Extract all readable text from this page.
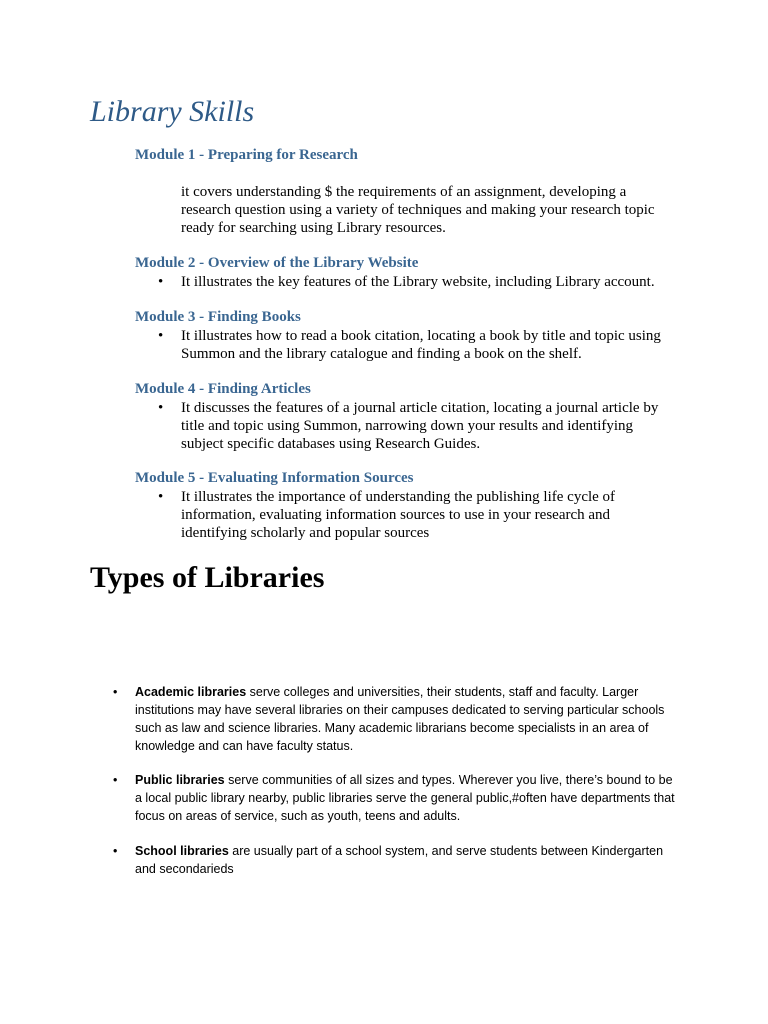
Library Skills
Module 1 - Preparing for Research

it covers understanding $ the requirements of an assignment, developing a research question using a variety of techniques and making your research topic ready for searching using Library resources.

Module 2 - Overview of the Library Website
• It illustrates the key features of the Library website, including Library account.

Module 3 - Finding Books
• It illustrates how to read a book citation, locating a book by title and topic using Summon and the library catalogue and finding a book on the shelf.

Module 4 - Finding Articles
• It discusses the features of a journal article citation, locating a journal article by title and topic using Summon, narrowing down your results and identifying subject specific databases using Research Guides.

Module 5 - Evaluating Information Sources
• It illustrates the importance of understanding the publishing life cycle of information, evaluating information sources to use in your research and identifying scholarly and popular sources

Types of Libraries
• Academic libraries serve colleges and universities, their students, staff and faculty. Larger institutions may have several libraries on their campuses dedicated to serving particular schools such as law and science libraries. Many academic librarians become specialists in an area of knowledge and can have faculty status.

• Public libraries serve communities of all sizes and types. Wherever you live, there’s bound to be a local public library nearby, public libraries serve the general public,#often have departments that focus on areas of service, such as youth, teens and adults.

• School libraries are usually part of a school system, and serve students between Kindergarten and secondarieds
